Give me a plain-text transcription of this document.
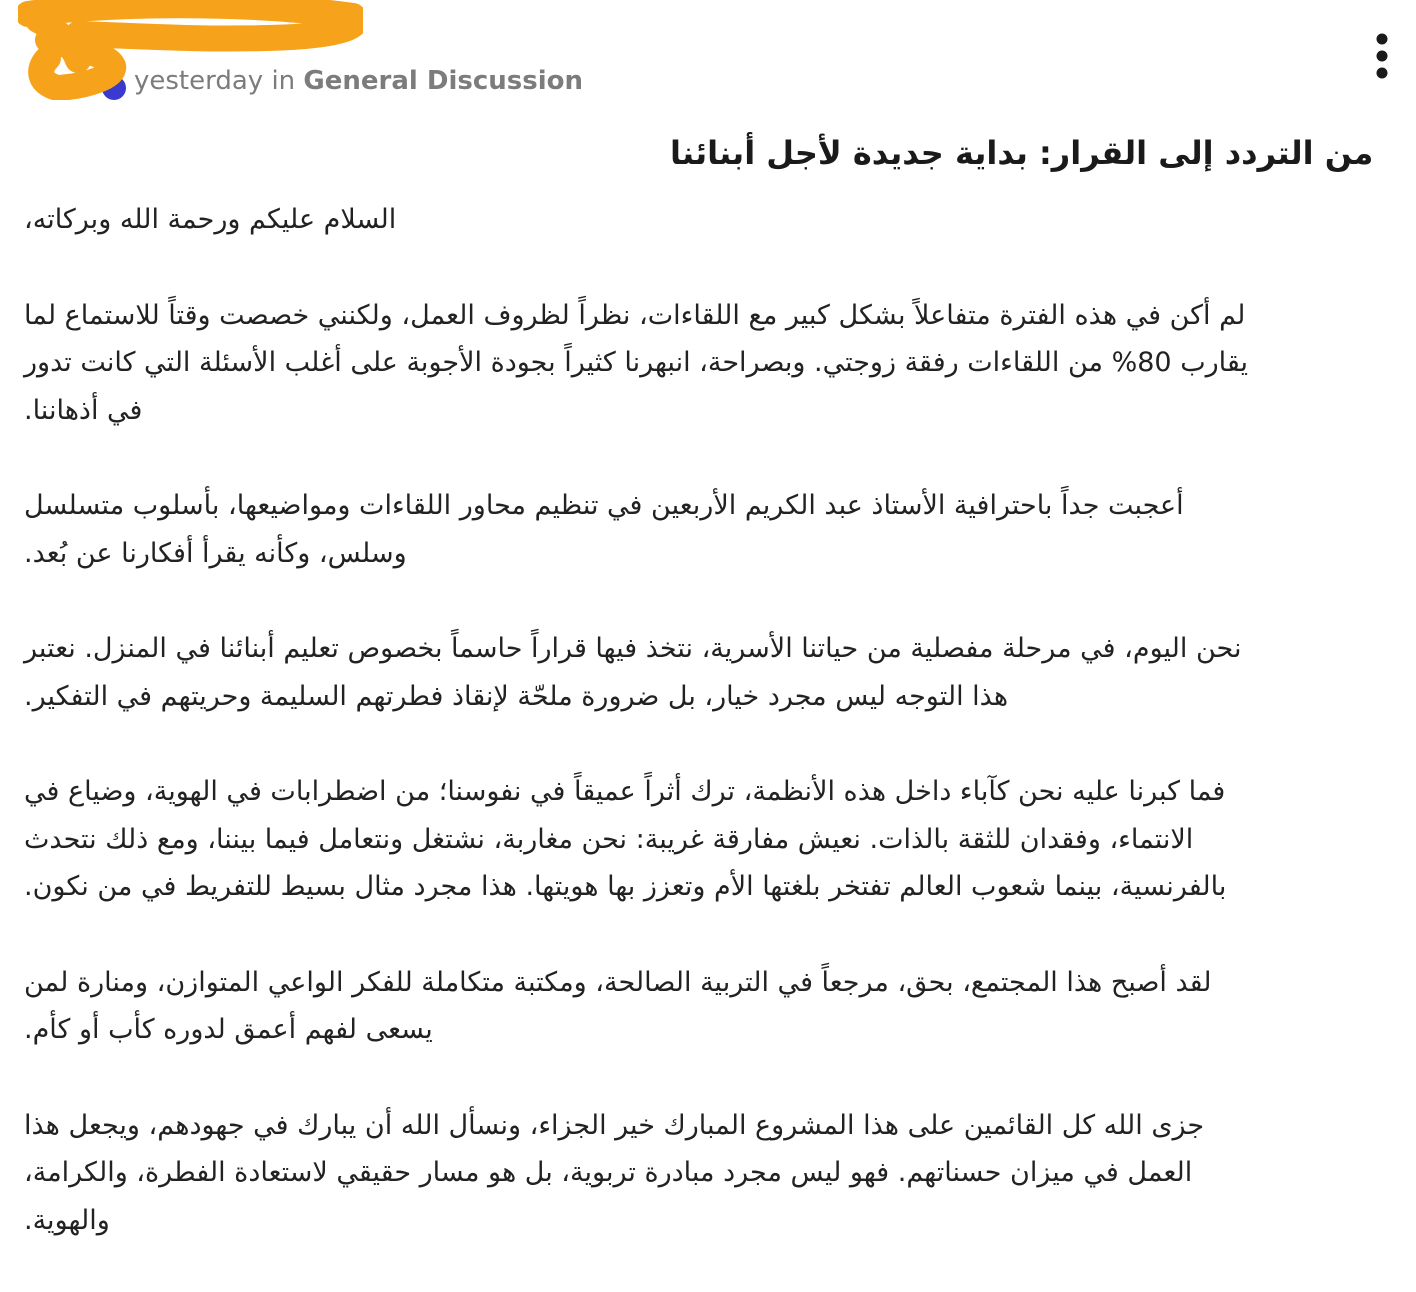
yesterday in General Discussion
من التردد إلى القرار: بداية جديدة لأجل أبنائنا
السلام عليكم ورحمة الله وبركاته،
لم أكن في هذه الفترة متفاعلاً بشكل كبير مع اللقاءات، نظراً لظروف العمل، ولكنني خصصت وقتاً للاستماع لما
يقارب 80% من اللقاءات رفقة زوجتي. وبصراحة، انبهرنا كثيراً بجودة الأجوبة على أغلب الأسئلة التي كانت تدور
في أذهاننا.
أعجبت جداً باحترافية الأستاذ عبد الكريم الأربعين في تنظيم محاور اللقاءات ومواضيعها، بأسلوب متسلسل
وسلس، وكأنه يقرأ أفكارنا عن بُعد.
نحن اليوم، في مرحلة مفصلية من حياتنا الأسرية، نتخذ فيها قراراً حاسماً بخصوص تعليم أبنائنا في المنزل. نعتبر
هذا التوجه ليس مجرد خيار، بل ضرورة ملحّة لإنقاذ فطرتهم السليمة وحريتهم في التفكير.
فما كبرنا عليه نحن كآباء داخل هذه الأنظمة، ترك أثراً عميقاً في نفوسنا؛ من اضطرابات في الهوية، وضياع في
الانتماء، وفقدان للثقة بالذات. نعيش مفارقة غريبة: نحن مغاربة، نشتغل ونتعامل فيما بيننا، ومع ذلك نتحدث
بالفرنسية، بينما شعوب العالم تفتخر بلغتها الأم وتعزز بها هويتها. هذا مجرد مثال بسيط للتفريط في من نكون.
لقد أصبح هذا المجتمع، بحق، مرجعاً في التربية الصالحة، ومكتبة متكاملة للفكر الواعي المتوازن، ومنارة لمن
يسعى لفهم أعمق لدوره كأب أو كأم.
جزى الله كل القائمين على هذا المشروع المبارك خير الجزاء، ونسأل الله أن يبارك في جهودهم، ويجعل هذا
العمل في ميزان حسناتهم. فهو ليس مجرد مبادرة تربوية، بل هو مسار حقيقي لاستعادة الفطرة، والكرامة،
والهوية.
